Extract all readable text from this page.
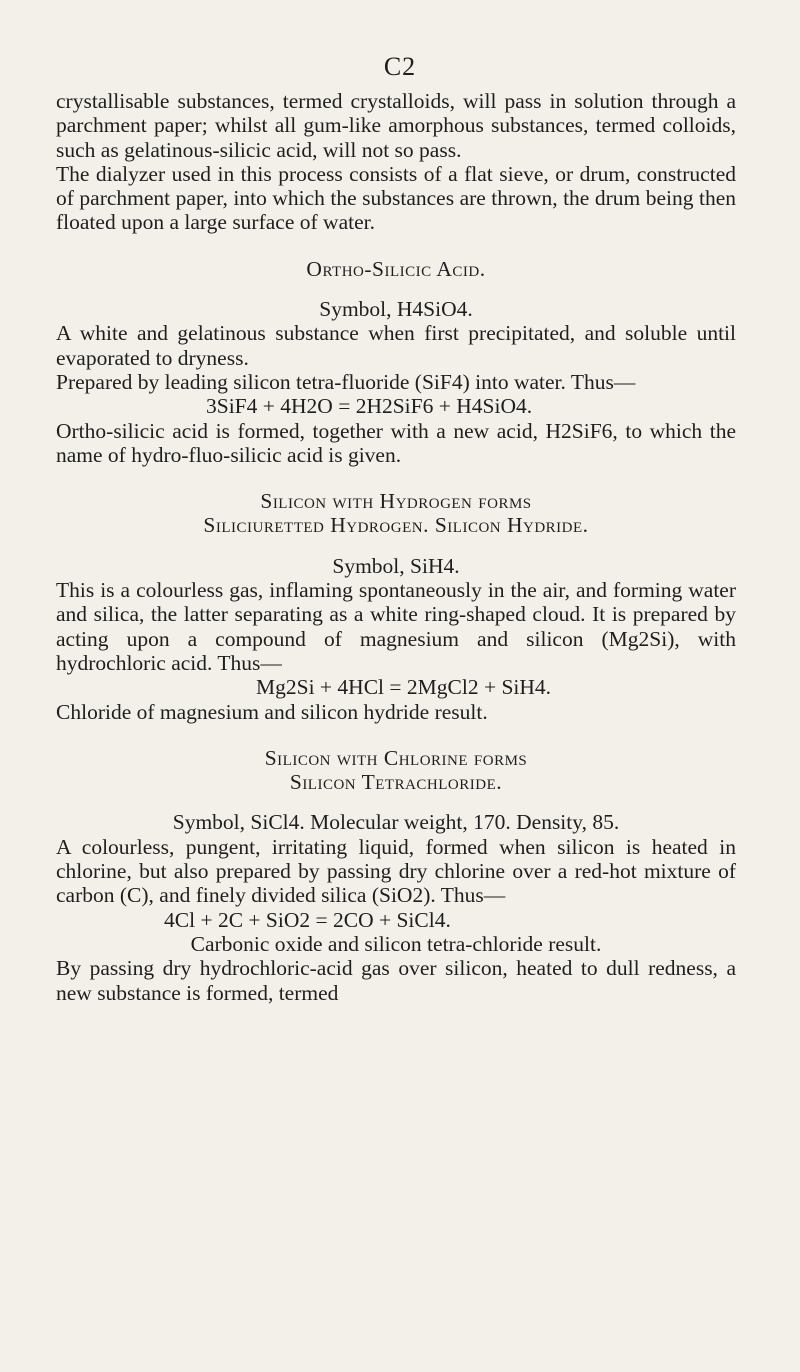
C2

crystallisable substances, termed crystalloids, will pass in solution through a parchment paper; whilst all gum-like amorphous substances, termed colloids, such as gelatinous-silicic acid, will not so pass.

The dialyzer used in this process consists of a flat sieve, or drum, constructed of parchment paper, into which the substances are thrown, the drum being then floated upon a large surface of water.

Ortho-Silicic Acid.

Symbol, H4SiO4.

A white and gelatinous substance when first precipitated, and soluble until evaporated to dryness.

Prepared by leading silicon tetra-fluoride (SiF4) into water. Thus—

3SiF4 + 4H2O = 2H2SiF6 + H4SiO4.

Ortho-silicic acid is formed, together with a new acid, H2SiF6, to which the name of hydro-fluo-silicic acid is given.

Silicon with Hydrogen forms

Siliciuretted Hydrogen. Silicon Hydride.

Symbol, SiH4.

This is a colourless gas, inflaming spontaneously in the air, and forming water and silica, the latter separating as a white ring-shaped cloud. It is prepared by acting upon a compound of magnesium and silicon (Mg2Si), with hydrochloric acid. Thus—

Mg2Si + 4HCl = 2MgCl2 + SiH4.

Chloride of magnesium and silicon hydride result.

Silicon with Chlorine forms

Silicon Tetrachloride.

Symbol, SiCl4. Molecular weight, 170. Density, 85.

A colourless, pungent, irritating liquid, formed when silicon is heated in chlorine, but also prepared by passing dry chlorine over a red-hot mixture of carbon (C), and finely divided silica (SiO2). Thus—

4Cl + 2C + SiO2 = 2CO + SiCl4.

Carbonic oxide and silicon tetra-chloride result.

By passing dry hydrochloric-acid gas over silicon, heated to dull redness, a new substance is formed, termed
